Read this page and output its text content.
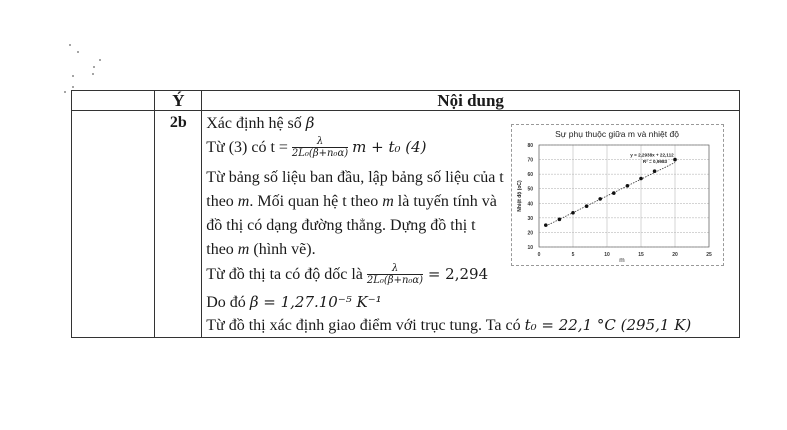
	Ý	Nội dung
	2b	Xác định hệ số β
Từ (3) có $t = \frac{\lambda}{\text{2L₀(β+n₀α)}}$ m + t₀ (4)
Từ bảng số liệu ban đầu, lập bảng số liệu của t
theo m. Mối quan hệ t theo m là tuyến tính và
đồ thị có dạng đường thẳng. Dựng đồ thị t
theo m (hình vẽ).
Từ đồ thị ta có độ dốc là $\frac{\lambda}{\text{2L₀(β+n₀α)}} = 2,294$
Do đó β = 1,27.10⁻⁵ K⁻¹
Từ đồ thị xác định giao điểm với trục tung. Ta có t₀ = 22,1 °C (295,1 K)
Sự phụ thuộc giữa m và nhiệt độ
10
20
30
40
50
60
70
80
0	5	10	15	20	25
m
Nhiệt độ (oC)
y = 2,2938x + 22,112
R² = 0,9983
